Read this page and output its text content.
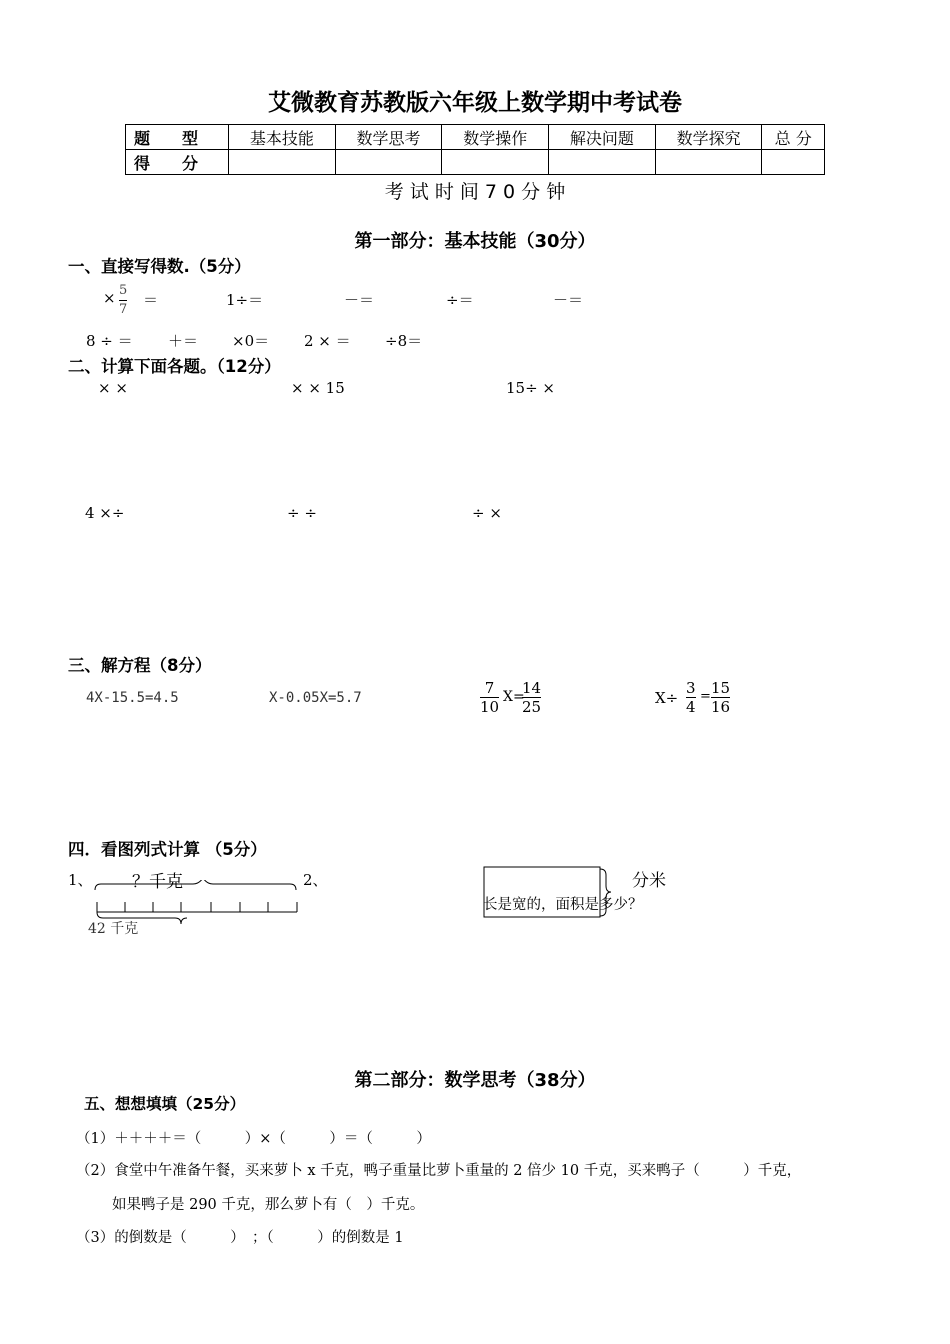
艾微教育苏教版六年级上数学期中考试卷
题　　型	基本技能	数学思考	数学操作	解决问题	数学探究	总 分
得　　分						
考 试 时 间 7 0 分 钟
第一部分：基本技能（30分）
一、直接写得数.（5分）
× 5
7
＝	1÷＝	－＝	÷＝	－＝
8 ÷ ＝ ＋＝ ×0＝ 2 × ＝ ÷8＝
二、计算下面各题。（12分）
× ×	× × 15	15÷ ×
4 ×÷	÷ ÷	÷ ×
三、解方程（8分）
4X-15.5=4.5	X-0.05X=5.7
7
10
X=
14
25	X÷
3
4
= 15
16
四．看图列式计算 （5分）
1、 ？千克
42 千克
2、	分米
长是宽的，面积是多少？
第二部分：数学思考（38分）
五、想想填填（25分）
（1）＋＋＋＋＝（　　　）×（　　　）＝（　　　）
（2）食堂中午准备午餐，买来萝卜 x 千克，鸭子重量比萝卜重量的 2 倍少 10 千克，买来鸭子（　　　）千克，
如果鸭子是 290 千克，那么萝卜有（　）千克。
（3）的倒数是（　　　）　；（　　　）的倒数是 1
